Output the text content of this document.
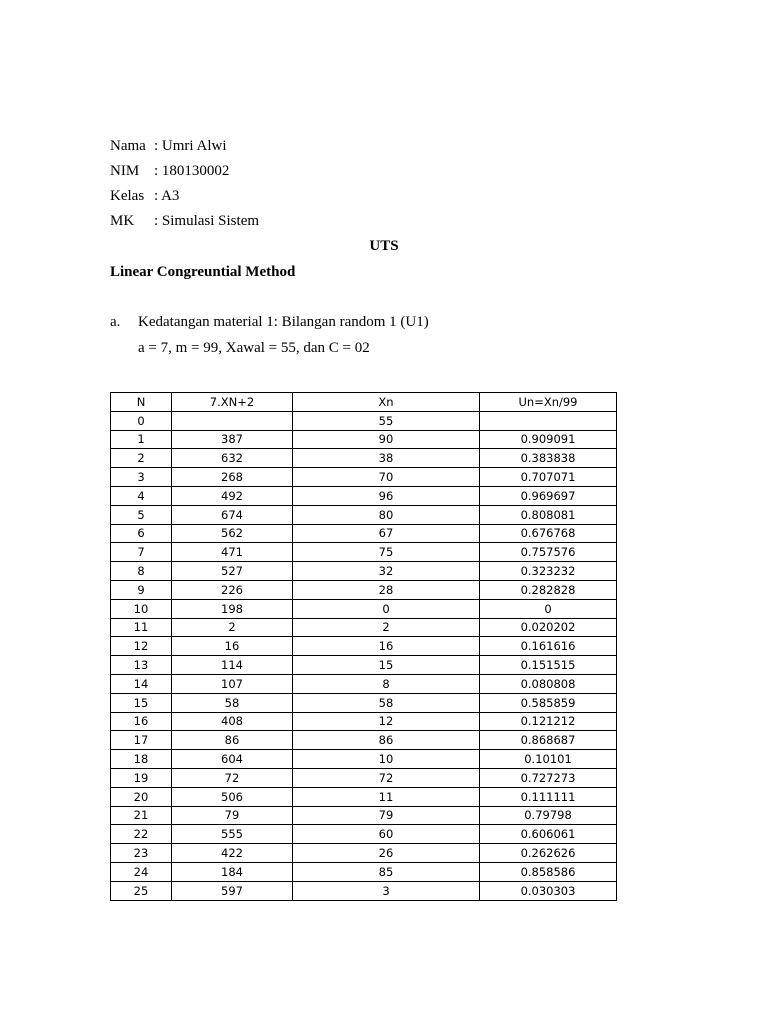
Nama : Umri Alwi
NIM : 180130002
Kelas : A3
MK : Simulasi Sistem
UTS
Linear Congreuntial Method
a. Kedatangan material 1: Bilangan random 1 (U1)
a = 7, m = 99, Xawal = 55, dan C = 02
N	7.XN+2	Xn	Un=Xn/99
0		55	
1	387	90	0.909091
2	632	38	0.383838
3	268	70	0.707071
4	492	96	0.969697
5	674	80	0.808081
6	562	67	0.676768
7	471	75	0.757576
8	527	32	0.323232
9	226	28	0.282828
10	198	0	0
11	2	2	0.020202
12	16	16	0.161616
13	114	15	0.151515
14	107	8	0.080808
15	58	58	0.585859
16	408	12	0.121212
17	86	86	0.868687
18	604	10	0.10101
19	72	72	0.727273
20	506	11	0.111111
21	79	79	0.79798
22	555	60	0.606061
23	422	26	0.262626
24	184	85	0.858586
25	597	3	0.030303
